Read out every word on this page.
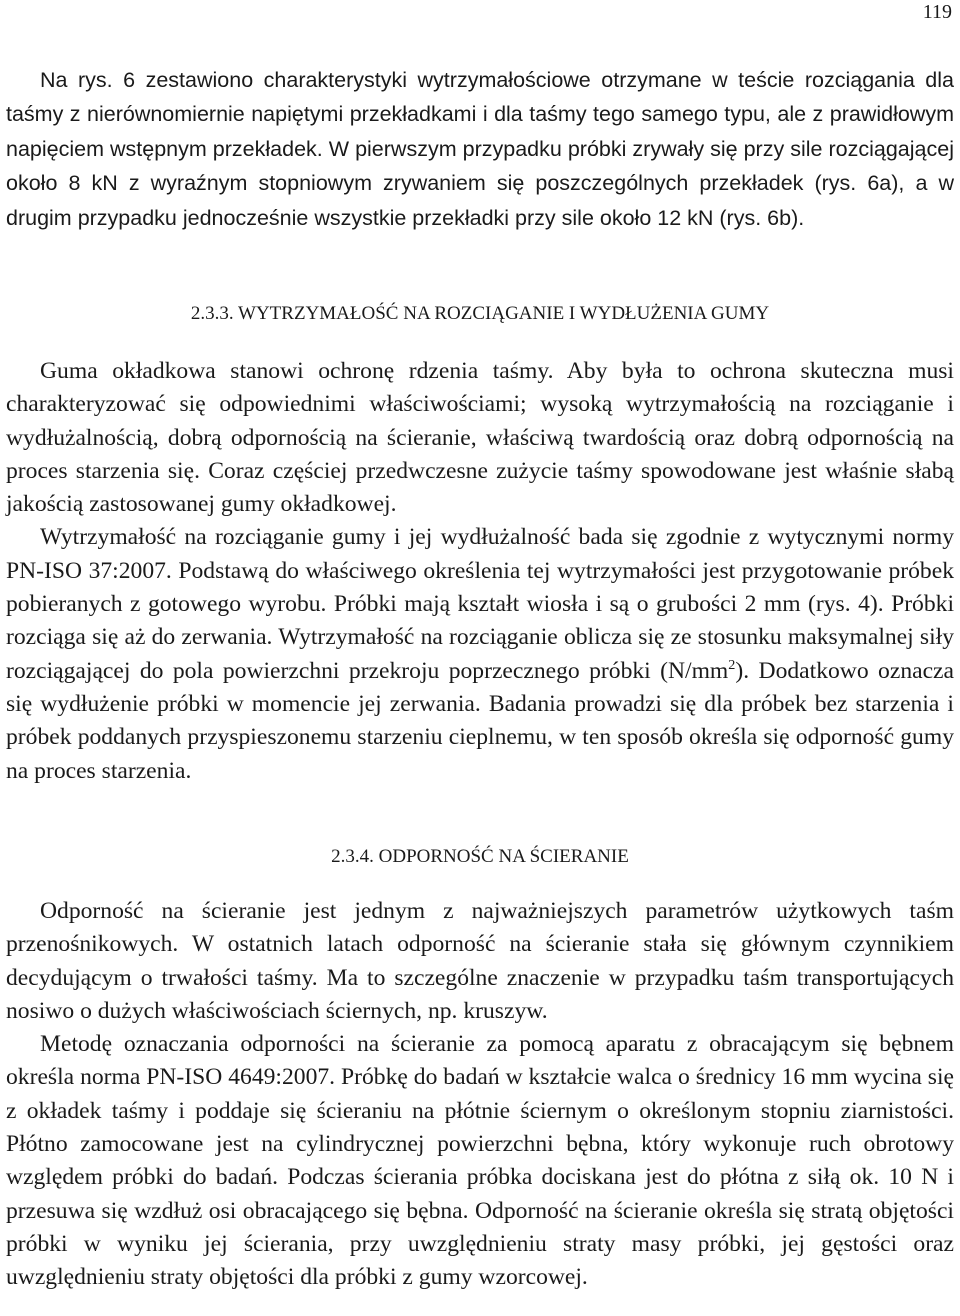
119

Na rys. 6 zestawiono charakterystyki wytrzymałościowe otrzymane w teście rozciągania dla taśmy z nierównomiernie napiętymi przekładkami i dla taśmy tego samego typu, ale z prawidłowym napięciem wstępnym przekładek. W pierwszym przypadku próbki zrywały się przy sile rozciągającej około 8 kN z wyraźnym stopniowym zrywaniem się poszczególnych przekładek (rys. 6a), a w drugim przypadku jednocześnie wszystkie przekładki przy sile około 12 kN (rys. 6b).

2.3.3. WYTRZYMAŁOŚĆ NA ROZCIĄGANIE I WYDŁUŻENIA GUMY

Guma okładkowa stanowi ochronę rdzenia taśmy. Aby była to ochrona skuteczna musi charakteryzować się odpowiednimi właściwościami; wysoką wytrzymałością na rozciąganie i wydłużalnością, dobrą odpornością na ścieranie, właściwą twardością oraz dobrą odpornością na proces starzenia się. Coraz częściej przedwczesne zużycie taśmy spowodowane jest właśnie słabą jakością zastosowanej gumy okładkowej.

Wytrzymałość na rozciąganie gumy i jej wydłużalność bada się zgodnie z wytycznymi normy PN-ISO 37:2007. Podstawą do właściwego określenia tej wytrzymałości jest przygotowanie próbek pobieranych z gotowego wyrobu. Próbki mają kształt wiosła i są o grubości 2 mm (rys. 4). Próbki rozciąga się aż do zerwania. Wytrzymałość na rozciąganie oblicza się ze stosunku maksymalnej siły rozciągającej do pola powierzchni przekroju poprzecznego próbki $(N/mm^2)$. Dodatkowo oznacza się wydłużenie próbki w momencie jej zerwania. Badania prowadzi się dla próbek bez starzenia i próbek poddanych przyspieszonemu starzeniu cieplnemu, w ten sposób określa się odporność gumy na proces starzenia.

2.3.4. ODPORNOŚĆ NA ŚCIERANIE

Odporność na ścieranie jest jednym z najważniejszych parametrów użytkowych taśm przenośnikowych. W ostatnich latach odporność na ścieranie stała się głównym czynnikiem decydującym o trwałości taśmy. Ma to szczególne znaczenie w przypadku taśm transportujących nosiwo o dużych właściwościach ściernych, np. kruszyw.

Metodę oznaczania odporności na ścieranie za pomocą aparatu z obracającym się bębnem określa norma PN-ISO 4649:2007. Próbkę do badań w kształcie walca o średnicy 16 mm wycina się z okładek taśmy i poddaje się ścieraniu na płótnie ściernym o określonym stopniu ziarnistości. Płótno zamocowane jest na cylindrycznej powierzchni bębna, który wykonuje ruch obrotowy względem próbki do badań. Podczas ścierania próbka dociskana jest do płótna z siłą ok. 10 N i przesuwa się wzdłuż osi obracającego się bębna. Odporność na ścieranie określa się stratą objętości próbki w wyniku jej ścierania, przy uwzględnieniu straty masy próbki, jej gęstości oraz uwzględnieniu straty objętości dla próbki z gumy wzorcowej.
